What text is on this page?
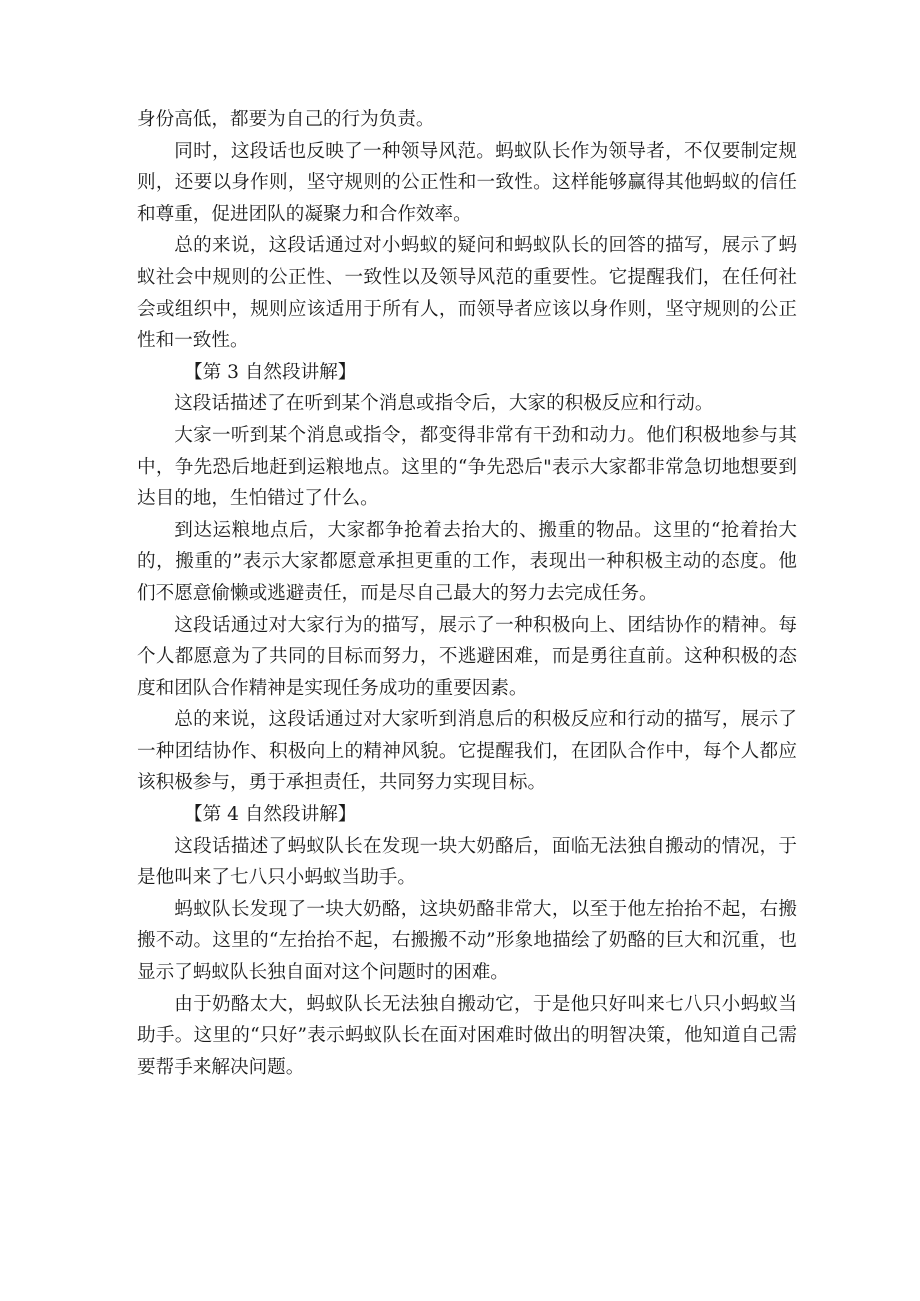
身份高低，都要为自己的行为负责。

同时，这段话也反映了一种领导风范。蚂蚁队长作为领导者，不仅要制定规则，还要以身作则，坚守规则的公正性和一致性。这样能够赢得其他蚂蚁的信任和尊重，促进团队的凝聚力和合作效率。

总的来说，这段话通过对小蚂蚁的疑问和蚂蚁队长的回答的描写，展示了蚂蚁社会中规则的公正性、一致性以及领导风范的重要性。它提醒我们，在任何社会或组织中，规则应该适用于所有人，而领导者应该以身作则，坚守规则的公正性和一致性。

【第 3 自然段讲解】

这段话描述了在听到某个消息或指令后，大家的积极反应和行动。

大家一听到某个消息或指令，都变得非常有干劲和动力。他们积极地参与其中，争先恐后地赶到运粮地点。这里的“争先恐后"表示大家都非常急切地想要到达目的地，生怕错过了什么。

到达运粮地点后，大家都争抢着去抬大的、搬重的物品。这里的“抢着抬大的，搬重的”表示大家都愿意承担更重的工作，表现出一种积极主动的态度。他们不愿意偷懒或逃避责任，而是尽自己最大的努力去完成任务。

这段话通过对大家行为的描写，展示了一种积极向上、团结协作的精神。每个人都愿意为了共同的目标而努力，不逃避困难，而是勇往直前。这种积极的态度和团队合作精神是实现任务成功的重要因素。

总的来说，这段话通过对大家听到消息后的积极反应和行动的描写，展示了一种团结协作、积极向上的精神风貌。它提醒我们，在团队合作中，每个人都应该积极参与，勇于承担责任，共同努力实现目标。

【第 4 自然段讲解】

这段话描述了蚂蚁队长在发现一块大奶酪后，面临无法独自搬动的情况，于是他叫来了七八只小蚂蚁当助手。

蚂蚁队长发现了一块大奶酪，这块奶酪非常大，以至于他左抬抬不起，右搬搬不动。这里的“左抬抬不起，右搬搬不动”形象地描绘了奶酪的巨大和沉重，也显示了蚂蚁队长独自面对这个问题时的困难。

由于奶酪太大，蚂蚁队长无法独自搬动它，于是他只好叫来七八只小蚂蚁当助手。这里的“只好”表示蚂蚁队长在面对困难时做出的明智决策，他知道自己需要帮手来解决问题。
